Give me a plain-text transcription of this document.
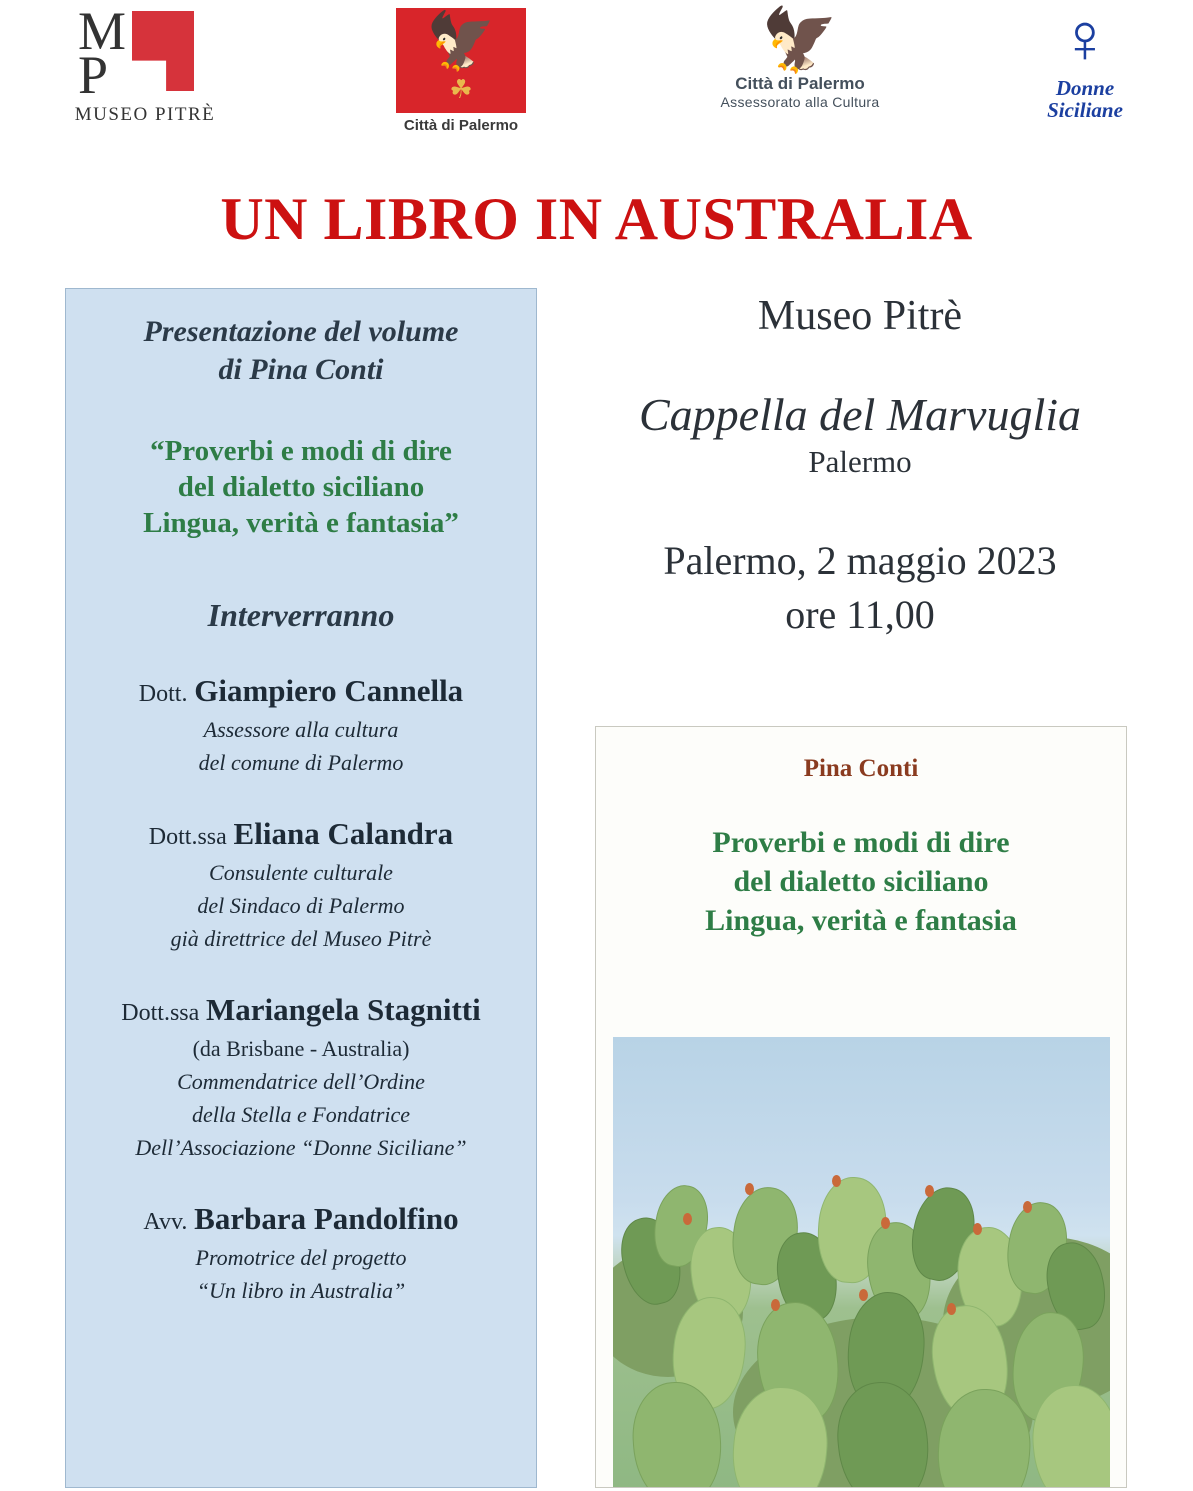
M
P
MUSEO PITRÈ
🦅
☘
Città di Palermo
🦅
Città di Palermo
Assessorato alla Cultura
♀
Donne
Siciliane
UN LIBRO IN AUSTRALIA
Presentazione del volume
di Pina Conti
“Proverbi e modi di dire
del dialetto siciliano
Lingua, verità e fantasia”
Interverranno
Dott. Giampiero Cannella
Assessore alla cultura
del comune di Palermo
Dott.ssa Eliana Calandra
Consulente culturale
del Sindaco di Palermo
già direttrice del Museo Pitrè
Dott.ssa Mariangela Stagnitti
(da Brisbane - Australia)
Commendatrice dell’Ordine
della Stella e Fondatrice
Dell’Associazione “Donne Siciliane”
Avv. Barbara Pandolfino
Promotrice del progetto
“Un libro in Australia”
Museo Pitrè
Cappella del Marvuglia
Palermo
Palermo, 2 maggio 2023
ore 11,00
Pina Conti
Proverbi e modi di dire
del dialetto siciliano
Lingua, verità e fantasia
